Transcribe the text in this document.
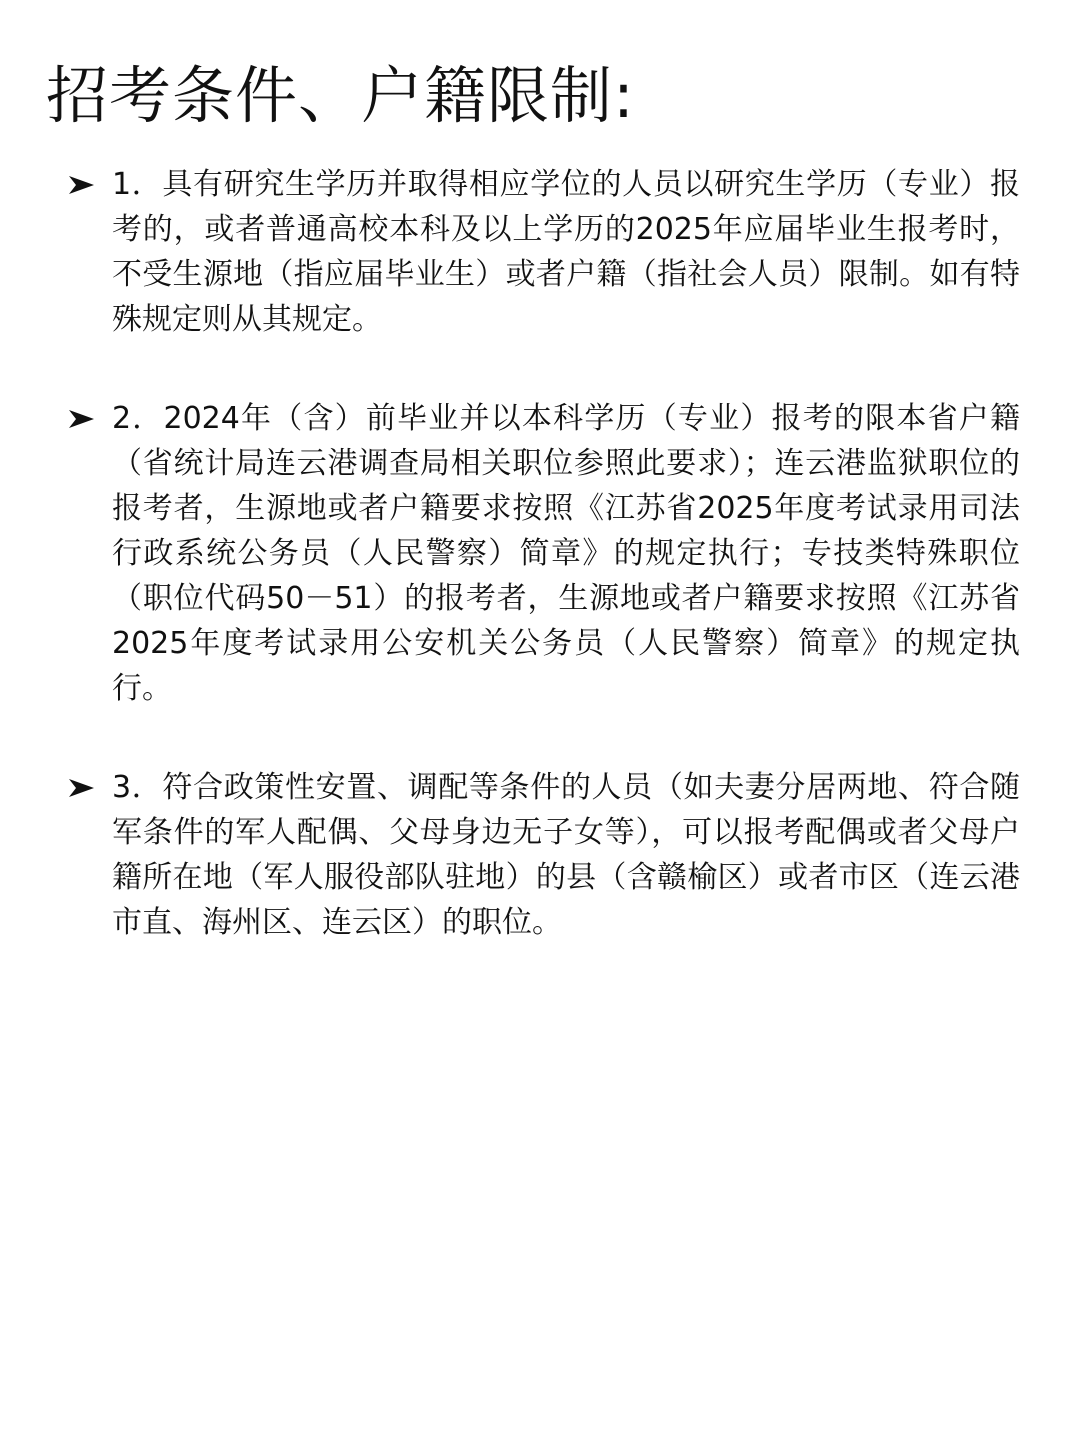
招考条件、户籍限制:
1．具有研究生学历并取得相应学位的人员以研究生学历（专业）报考的，或者普通高校本科及以上学历的2025年应届毕业生报考时，不受生源地（指应届毕业生）或者户籍（指社会人员）限制。如有特殊规定则从其规定。
2．2024年（含）前毕业并以本科学历（专业）报考的限本省户籍（省统计局连云港调查局相关职位参照此要求）；连云港监狱职位的报考者，生源地或者户籍要求按照《江苏省2025年度考试录用司法行政系统公务员（人民警察）简章》的规定执行；专技类特殊职位（职位代码50－51）的报考者，生源地或者户籍要求按照《江苏省2025年度考试录用公安机关公务员（人民警察）简章》的规定执行。
3．符合政策性安置、调配等条件的人员（如夫妻分居两地、符合随军条件的军人配偶、父母身边无子女等），可以报考配偶或者父母户籍所在地（军人服役部队驻地）的县（含赣榆区）或者市区（连云港市直、海州区、连云区）的职位。
